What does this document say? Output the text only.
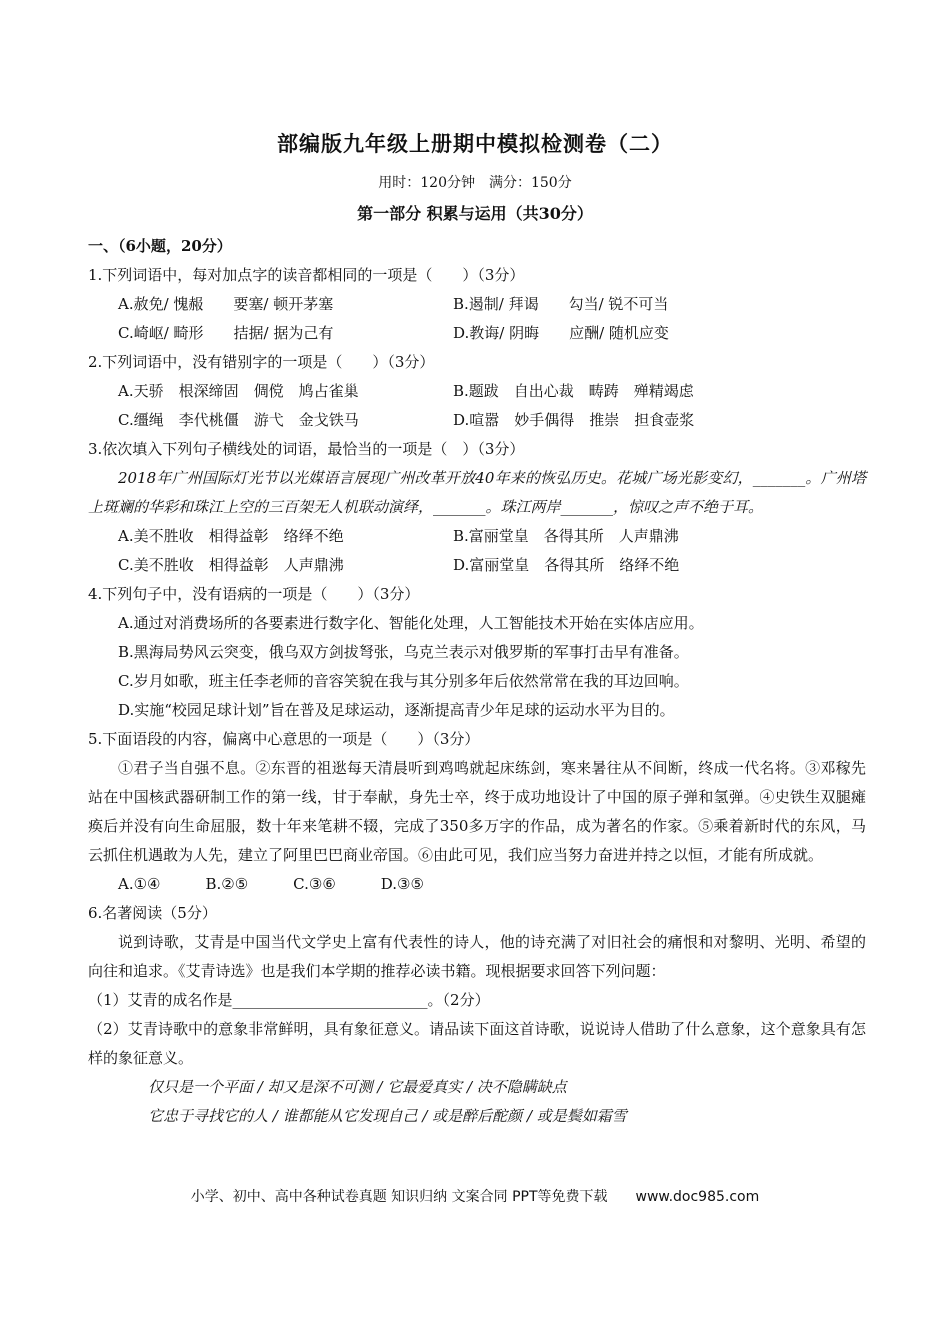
部编版九年级上册期中模拟检测卷（二）
用时：120分钟　满分：150分
第一部分 积累与运用（共30分）
一、（6小题，20分）
1.下列词语中，每对加点字的读音都相同的一项是（　　）（3分）
A.赦免/ 愧赧　　要塞/ 顿开茅塞	B.遏制/ 拜谒　　勾当/ 锐不可当
C.崎岖/ 畸形　　拮据/ 据为己有	D.教诲/ 阴晦　　应酬/ 随机应变
2.下列词语中，没有错别字的一项是（　　）（3分）
A.天骄　根深缔固　倜傥　鸠占雀巢	B.题跋　自出心裁　畴踌　殚精竭虑
C.缰绳　李代桃僵　游弋　金戈铁马	D.喧嚣　妙手偶得　推崇　担食壶浆
3.依次填入下列句子横线处的词语，最恰当的一项是（　）（3分）
2018年广州国际灯光节以光媒语言展现广州改革开放40年来的恢弘历史。花城广场光影变幻，_______。广州塔上斑斓的华彩和珠江上空的三百架无人机联动演绎，_______。珠江两岸_______，惊叹之声不绝于耳。
A.美不胜收　相得益彰　络绎不绝	B.富丽堂皇　各得其所　人声鼎沸
C.美不胜收　相得益彰　人声鼎沸	D.富丽堂皇　各得其所　络绎不绝
4.下列句子中，没有语病的一项是（　　）（3分）
A.通过对消费场所的各要素进行数字化、智能化处理，人工智能技术开始在实体店应用。
B.黑海局势风云突变，俄乌双方剑拔弩张，乌克兰表示对俄罗斯的军事打击早有准备。
C.岁月如歌，班主任李老师的音容笑貌在我与其分别多年后依然常常在我的耳边回响。
D.实施“校园足球计划”旨在普及足球运动，逐渐提高青少年足球的运动水平为目的。
5.下面语段的内容，偏离中心意思的一项是（　　）（3分）
①君子当自强不息。②东晋的祖逖每天清晨听到鸡鸣就起床练剑，寒来暑往从不间断，终成一代名将。③邓稼先站在中国核武器研制工作的第一线，甘于奉献，身先士卒，终于成功地设计了中国的原子弹和氢弹。④史铁生双腿瘫痪后并没有向生命屈服，数十年来笔耕不辍，完成了350多万字的作品，成为著名的作家。⑤乘着新时代的东风，马云抓住机遇敢为人先，建立了阿里巴巴商业帝国。⑥由此可见，我们应当努力奋进并持之以恒，才能有所成就。
A.①④　　　B.②⑤　　　C.③⑥　　　D.③⑤
6.名著阅读（5分）
说到诗歌，艾青是中国当代文学史上富有代表性的诗人，他的诗充满了对旧社会的痛恨和对黎明、光明、希望的向往和追求。《艾青诗选》也是我们本学期的推荐必读书籍。现根据要求回答下列问题：
（1）艾青的成名作是__________________________。（2分）
（2）艾青诗歌中的意象非常鲜明，具有象征意义。请品读下面这首诗歌，说说诗人借助了什么意象，这个意象具有怎样的象征意义。
仅只是一个平面 / 却又是深不可测 / 它最爱真实 / 决不隐瞒缺点
它忠于寻找它的人 / 谁都能从它发现自己 / 或是醉后酡颜 / 或是鬓如霜雪
小学、初中、高中各种试卷真题 知识归纳 文案合同 PPT等免费下载　　www.doc985.com
